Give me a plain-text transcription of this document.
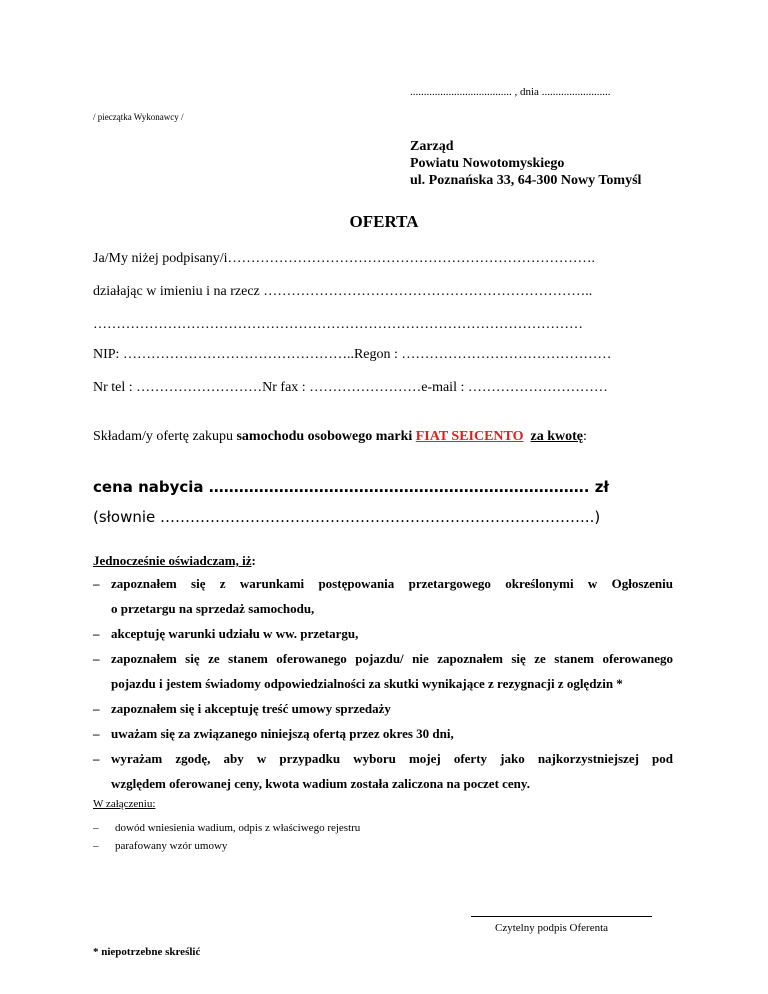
..................................... , dnia .........................
/ pieczątka Wykonawcy /
Zarząd
Powiatu Nowotomyskiego
ul. Poznańska 33, 64-300 Nowy Tomyśl
OFERTA
Ja/My niżej podpisany/i…………………………………………………………………….
działając w imieniu i na rzecz ……………………………………………………………..
……………………………………………………………………………………………
NIP: …………………………………………..Regon : ………………………………………
Nr tel : ………………………Nr fax : ……………………e-mail : …………………………
Składam/y ofertę zakupu samochodu osobowego marki FIAT SEICENTO za kwotę:
cena nabycia …………………………………………………………………. zł
(słownie …………………………………………………………………………...)
Jednocześnie oświadczam, iż:
– zapoznałem się z warunkami postępowania przetargowego określonymi w Ogłoszeniu
o przetargu na sprzedaż samochodu,
– akceptuję warunki udziału w ww. przetargu,
– zapoznałem się ze stanem oferowanego pojazdu/ nie zapoznałem się ze stanem oferowanego
pojazdu i jestem świadomy odpowiedzialności za skutki wynikające z rezygnacji z oględzin *
– zapoznałem się i akceptuję treść umowy sprzedaży
– uważam się za związanego niniejszą ofertą przez okres 30 dni,
– wyrażam zgodę, aby w przypadku wyboru mojej oferty jako najkorzystniejszej pod
względem oferowanej ceny, kwota wadium została zaliczona na poczet ceny.
W załączeniu:
– dowód wniesienia wadium, odpis z właściwego rejestru
– parafowany wzór umowy
Czytelny podpis Oferenta
* niepotrzebne skreślić
